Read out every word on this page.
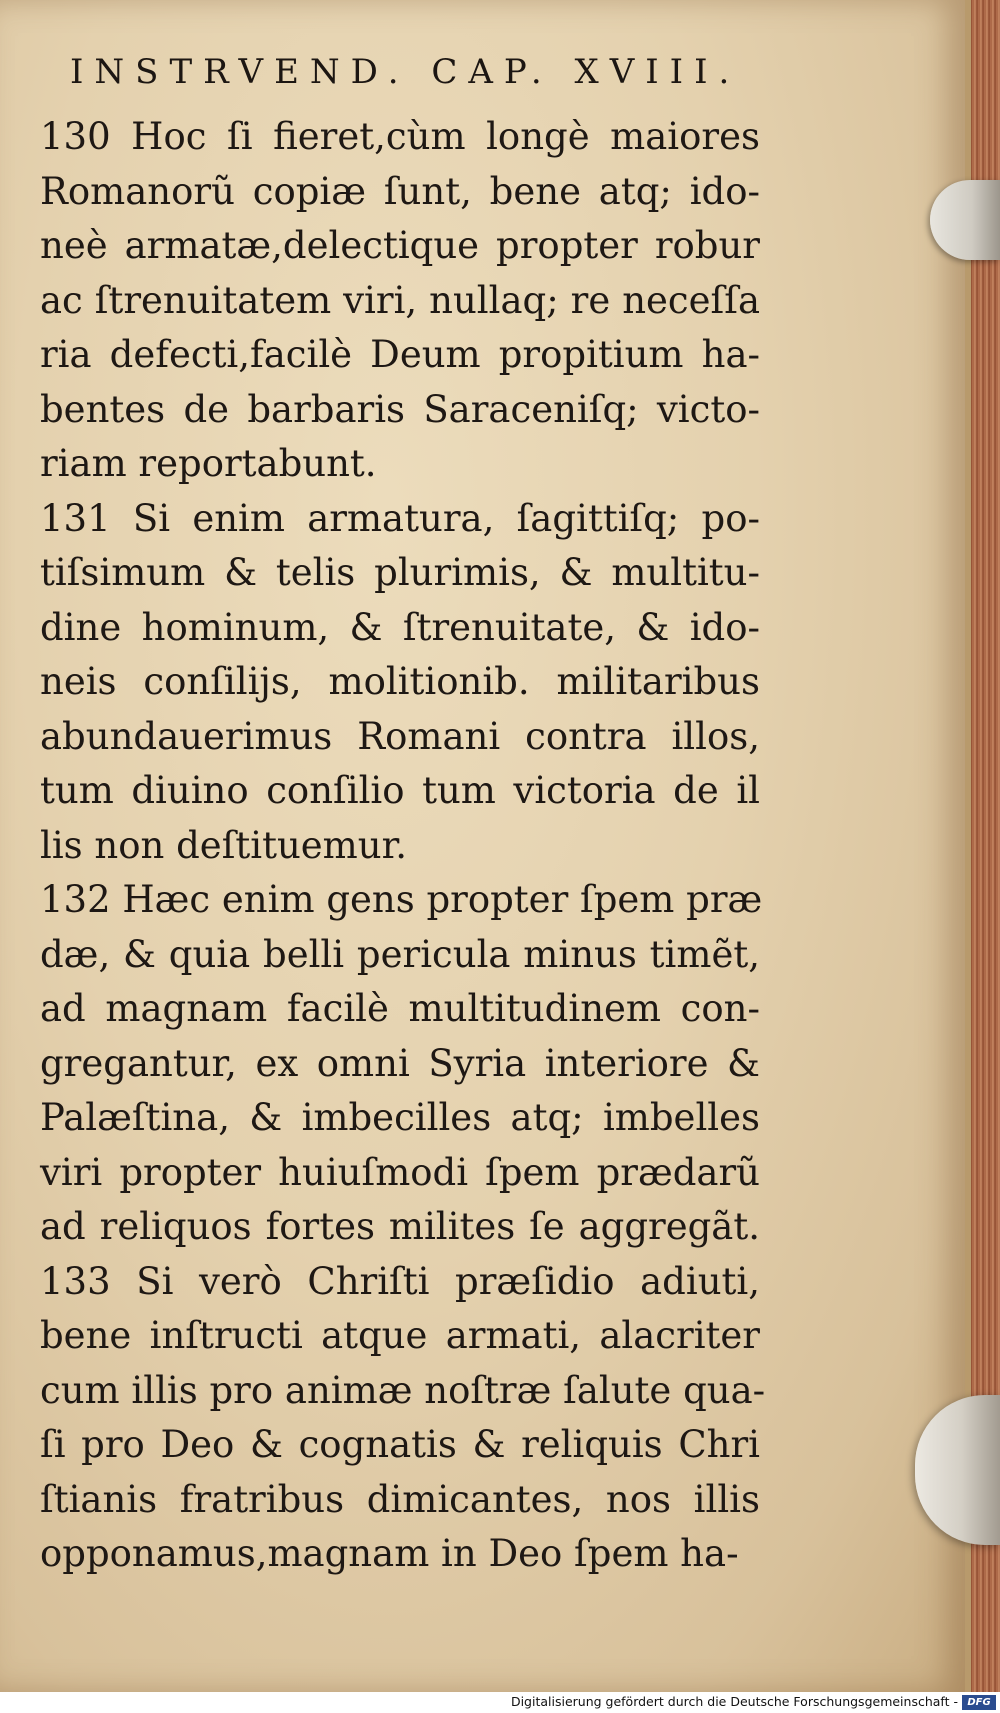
INSTRVEND. CAP. XVIII.
130 Hoc ſi fieret,cùm longè maiores
Romanorũ copiæ ſunt, bene atq; ido-
neè armatæ,delectique propter robur
ac ſtrenuitatem viri, nullaq; re neceſſa
ria defecti,facilè Deum propitium ha-
bentes de barbaris Saraceniſq; victo-
riam reportabunt.
131 Si enim armatura, ſagittiſq; po-
tiſsimum & telis plurimis, & multitu-
dine hominum, & ſtrenuitate, & ido-
neis conſilijs, molitionib. militaribus
abundauerimus Romani contra illos,
tum diuino conſilio tum victoria de il
lis non deſtituemur.
132 Hæc enim gens propter ſpem præ
dæ, & quia belli pericula minus timẽt,
ad magnam facilè multitudinem con-
gregantur, ex omni Syria interiore &
Palæſtina, & imbecilles atq; imbelles
viri propter huiuſmodi ſpem prædarũ
ad reliquos fortes milites ſe aggregãt.
133 Si verò Chriſti præſidio adiuti,
bene inſtructi atque armati, alacriter
cum illis pro animæ noſtræ ſalute qua-
ſi pro Deo & cognatis & reliquis Chri
ſtianis fratribus dimicantes, nos illis
opponamus,magnam in Deo ſpem ha-
Digitalisierung gefördert durch die Deutsche Forschungsgemeinschaft - DFG
